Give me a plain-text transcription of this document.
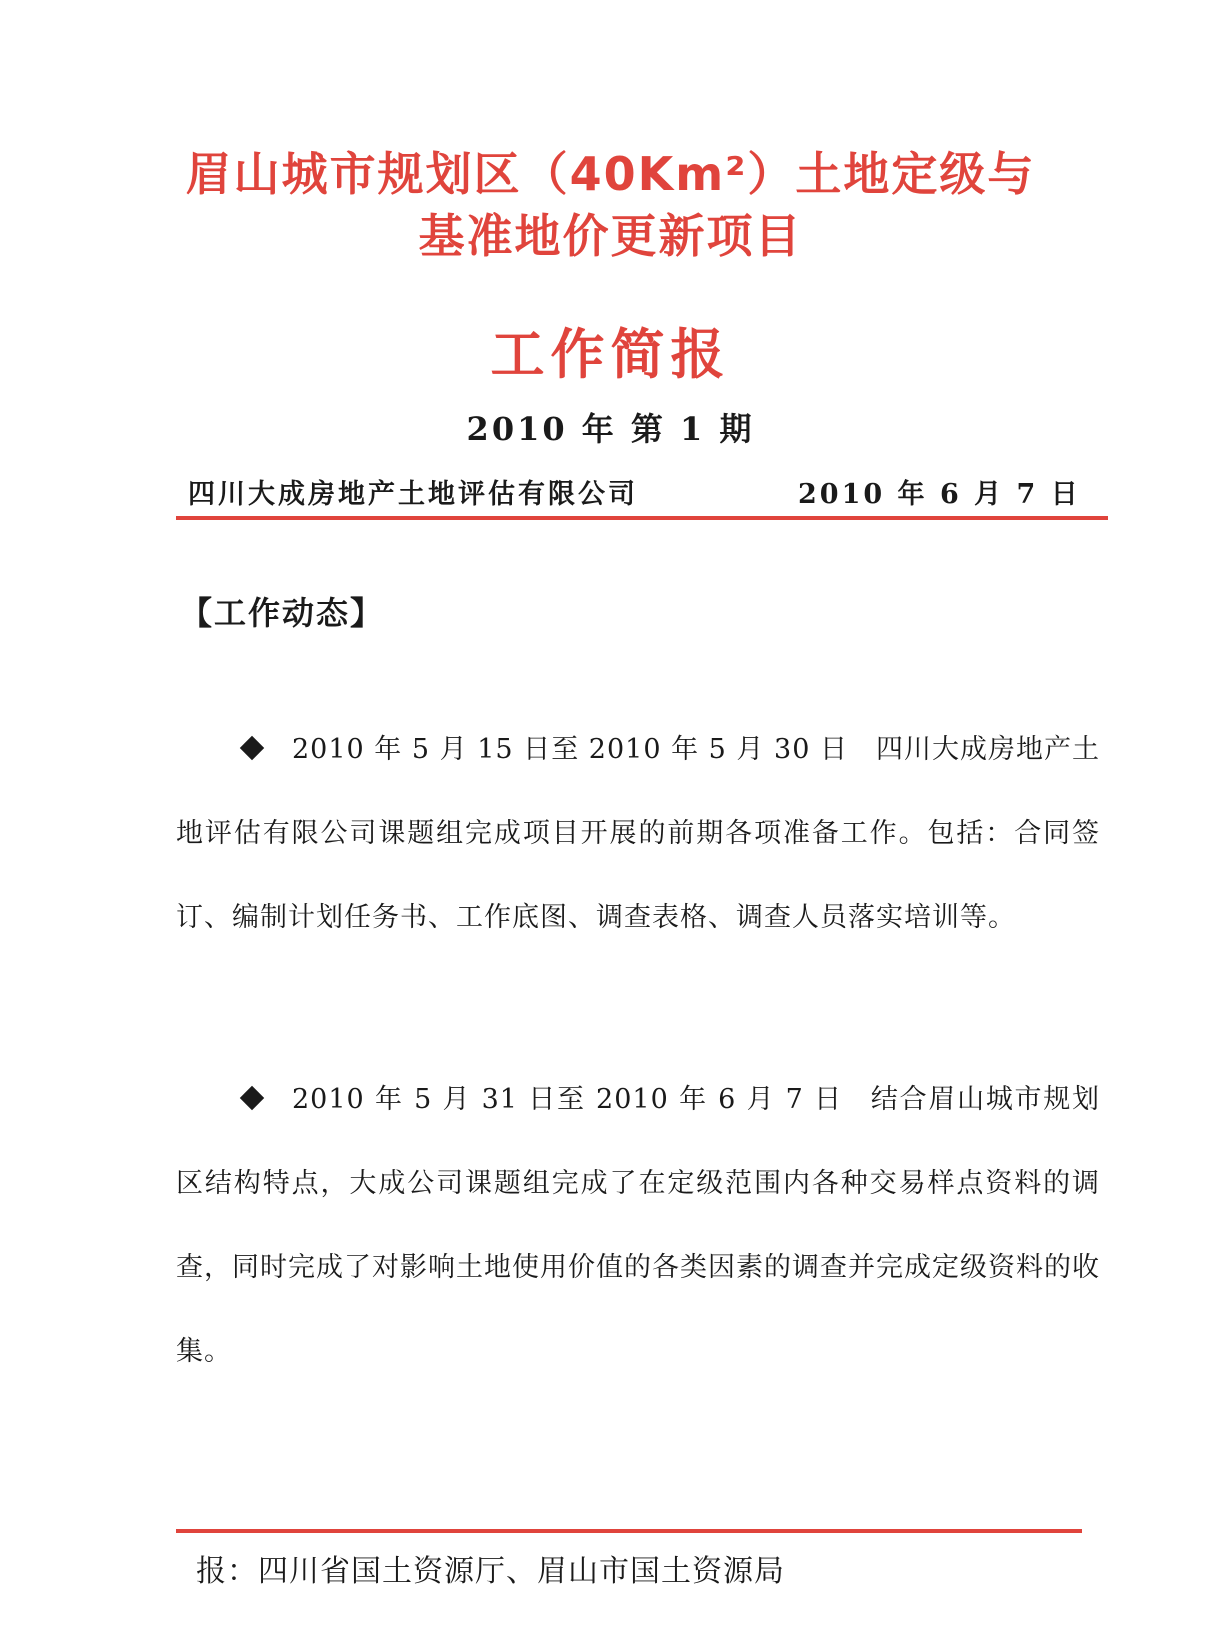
眉山城市规划区（40Km²）土地定级与
基准地价更新项目
工作简报
2010 年 第 1 期
四川大成房地产土地评估有限公司	2010 年 6 月 7 日
【工作动态】
2010 年 5 月 15 日至 2010 年 5 月 30 日 四川大成房地产土地评估有限公司课题组完成项目开展的前期各项准备工作。包括：合同签订、编制计划任务书、工作底图、调查表格、调查人员落实培训等。
2010 年 5 月 31 日至 2010 年 6 月 7 日 结合眉山城市规划区结构特点，大成公司课题组完成了在定级范围内各种交易样点资料的调查，同时完成了对影响土地使用价值的各类因素的调查并完成定级资料的收集。
报：四川省国土资源厅、眉山市国土资源局
